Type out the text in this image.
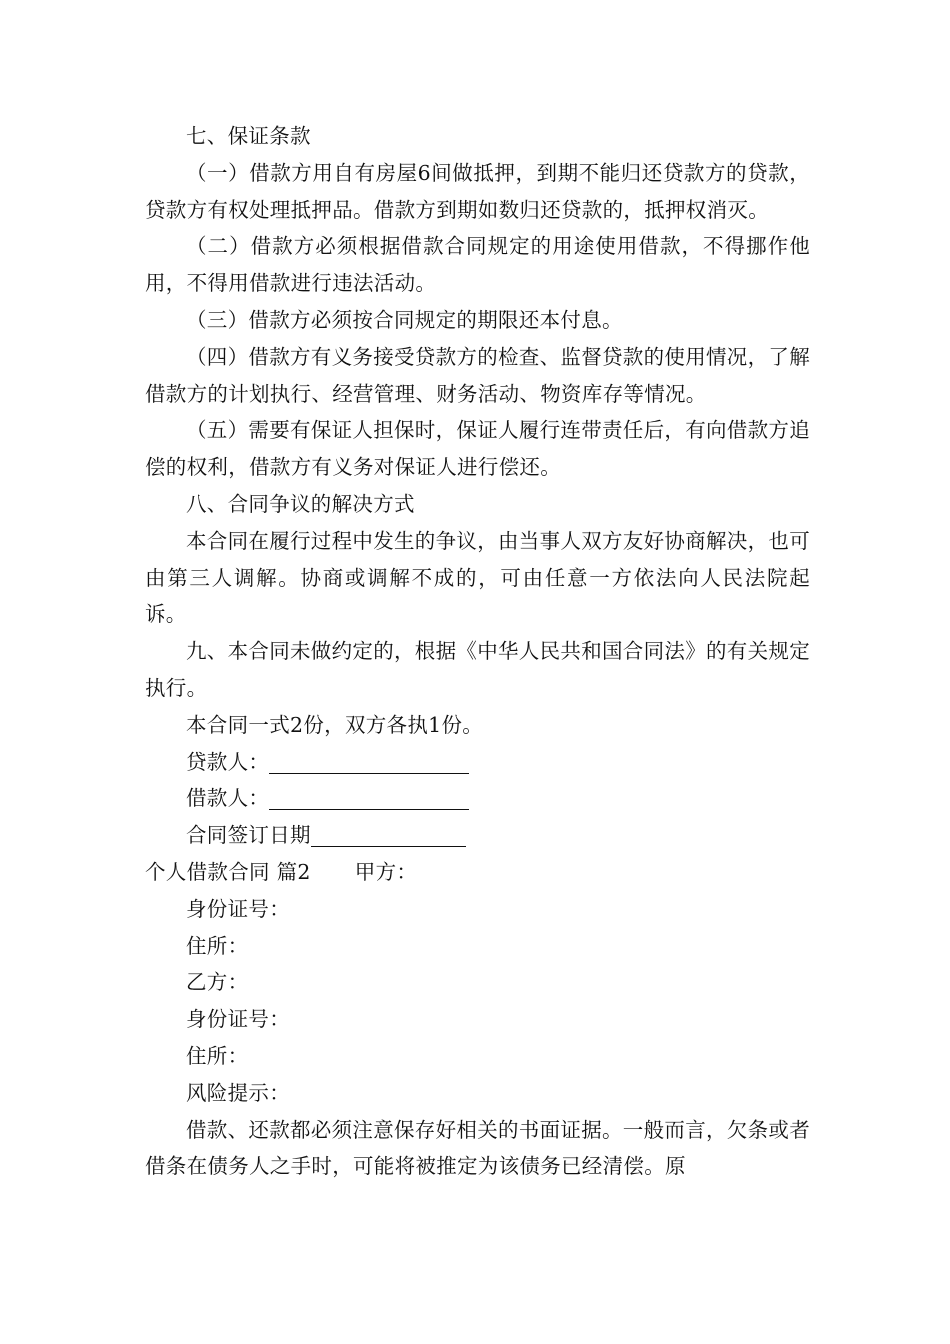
七、保证条款

（一）借款方用自有房屋6间做抵押，到期不能归还贷款方的贷款，贷款方有权处理抵押品。借款方到期如数归还贷款的，抵押权消灭。

（二）借款方必须根据借款合同规定的用途使用借款，不得挪作他用，不得用借款进行违法活动。

（三）借款方必须按合同规定的期限还本付息。

（四）借款方有义务接受贷款方的检查、监督贷款的使用情况，了解借款方的计划执行、经营管理、财务活动、物资库存等情况。

（五）需要有保证人担保时，保证人履行连带责任后，有向借款方追偿的权利，借款方有义务对保证人进行偿还。

八、合同争议的解决方式

本合同在履行过程中发生的争议，由当事人双方友好协商解决，也可由第三人调解。协商或调解不成的，可由任意一方依法向人民法院起诉。

九、本合同未做约定的，根据《中华人民共和国合同法》的有关规定执行。

本合同一式2份，双方各执1份。

贷款人：

借款人：

合同签订日期

个人借款合同 篇2 甲方：

身份证号：

住所：

乙方：

身份证号：

住所：

风险提示：

借款、还款都必须注意保存好相关的书面证据。一般而言，欠条或者借条在债务人之手时，可能将被推定为该债务已经清偿。原
